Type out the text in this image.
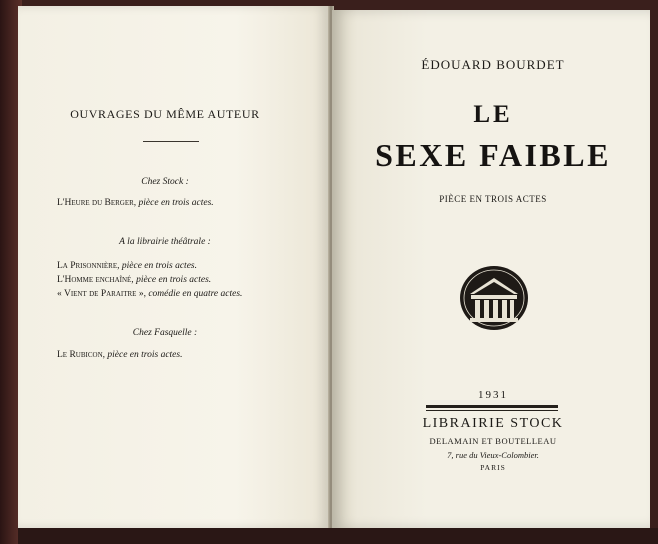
OUVRAGES DU MÊME AUTEUR
Chez Stock :
L'Heure du Berger, pièce en trois actes.
A la librairie théâtrale :
La Prisonnière, pièce en trois actes.
L'Homme enchaîné, pièce en trois actes.
« Vient de Paraitre », comédie en quatre actes.
Chez Fasquelle :
Le Rubicon, pièce en trois actes.
ÉDOUARD BOURDET
LE
SEXE FAIBLE
PIÈCE EN TROIS ACTES
1931
LIBRAIRIE STOCK
DELAMAIN ET BOUTELLEAU
7, rue du Vieux-Colombier.
PARIS
